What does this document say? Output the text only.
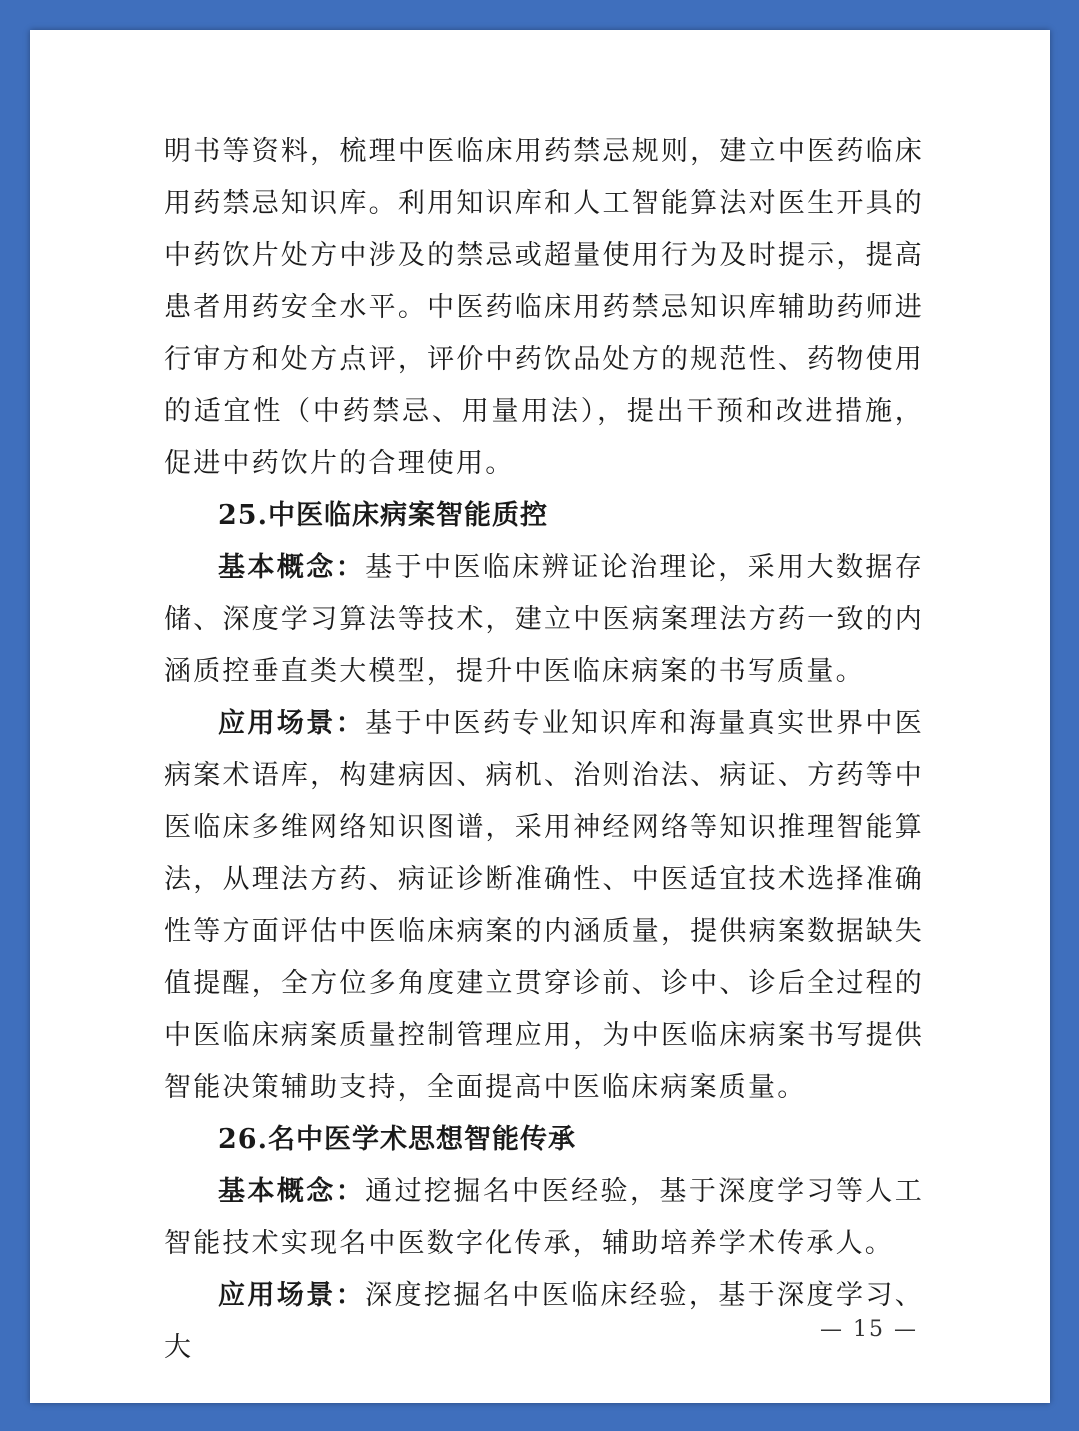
明书等资料，梳理中医临床用药禁忌规则，建立中医药临床用药禁忌知识库。利用知识库和人工智能算法对医生开具的中药饮片处方中涉及的禁忌或超量使用行为及时提示，提高患者用药安全水平。中医药临床用药禁忌知识库辅助药师进行审方和处方点评，评价中药饮品处方的规范性、药物使用的适宜性（中药禁忌、用量用法），提出干预和改进措施，促进中药饮片的合理使用。

25.中医临床病案智能质控

基本概念：基于中医临床辨证论治理论，采用大数据存储、深度学习算法等技术，建立中医病案理法方药一致的内涵质控垂直类大模型，提升中医临床病案的书写质量。

应用场景：基于中医药专业知识库和海量真实世界中医病案术语库，构建病因、病机、治则治法、病证、方药等中医临床多维网络知识图谱，采用神经网络等知识推理智能算法，从理法方药、病证诊断准确性、中医适宜技术选择准确性等方面评估中医临床病案的内涵质量，提供病案数据缺失值提醒，全方位多角度建立贯穿诊前、诊中、诊后全过程的中医临床病案质量控制管理应用，为中医临床病案书写提供智能决策辅助支持，全面提高中医临床病案质量。

26.名中医学术思想智能传承

基本概念：通过挖掘名中医经验，基于深度学习等人工智能技术实现名中医数字化传承，辅助培养学术传承人。

应用场景：深度挖掘名中医临床经验，基于深度学习、大

— 15 —
